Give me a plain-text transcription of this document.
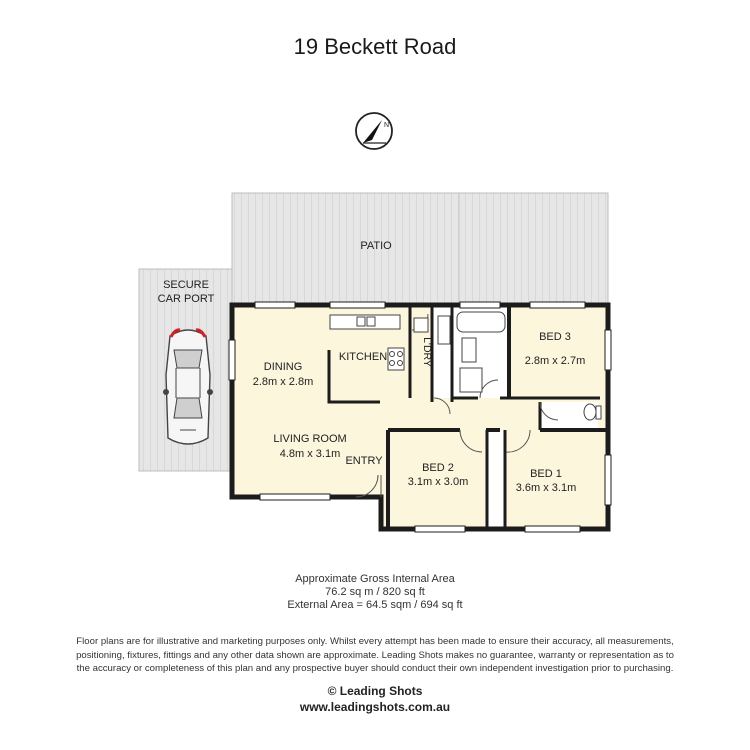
19 Beckett Road
N
PATIO
SECURE
CAR PORT
DINING
2.8m x 2.8m
KITCHEN
BED 3
2.8m x 2.7m
LIVING ROOM
4.8m x 3.1m
ENTRY
BED 2
3.1m x 3.0m
BED 1
3.6m x 3.1m
L'DRY
Approximate Gross Internal Area
76.2 sq m / 820 sq ft
External Area = 64.5 sqm / 694 sq ft
Floor plans are for illustrative and marketing purposes only. Whilst every attempt has been made to ensure their accuracy, all measurements,
positioning, fixtures, fittings and any other data shown are approximate. Leading Shots makes no guarantee, warranty or representation as to
the accuracy or completeness of this plan and any prospective buyer should conduct their own independent investigation prior to purchasing.
© Leading Shots
www.leadingshots.com.au
